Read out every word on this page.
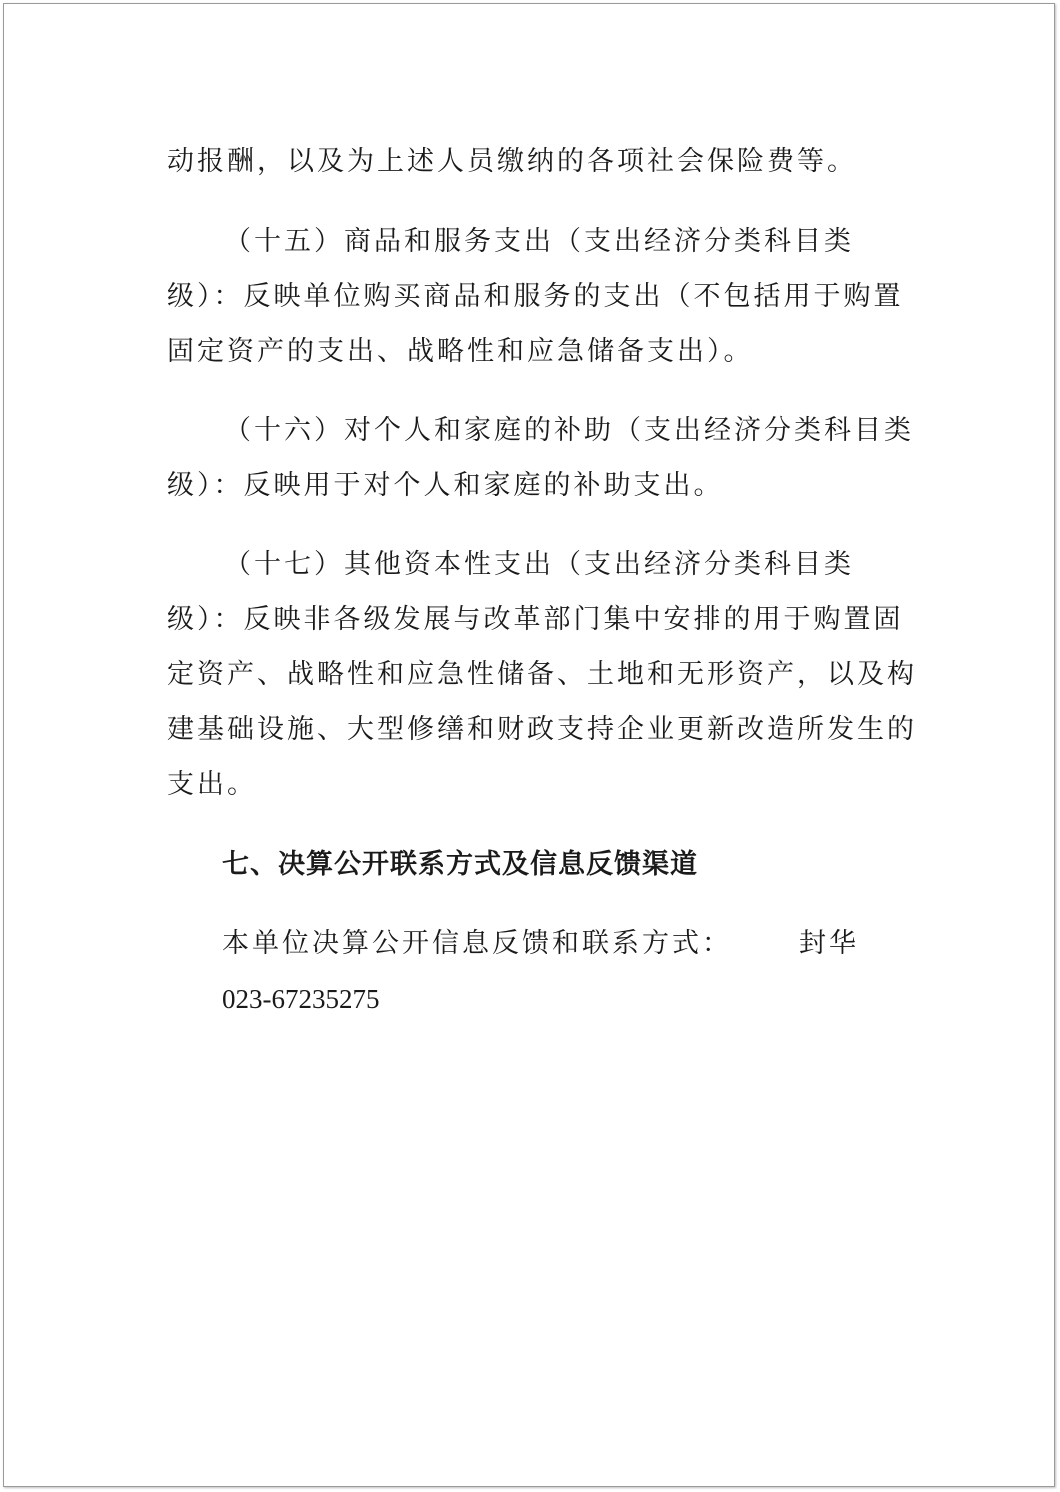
动报酬，以及为上述人员缴纳的各项社会保险费等。
（十五）商品和服务支出（支出经济分类科目类
级）：反映单位购买商品和服务的支出（不包括用于购置
固定资产的支出、战略性和应急储备支出）。
（十六）对个人和家庭的补助（支出经济分类科目类
级）：反映用于对个人和家庭的补助支出。
（十七）其他资本性支出（支出经济分类科目类
级）：反映非各级发展与改革部门集中安排的用于购置固
定资产、战略性和应急性储备、土地和无形资产，以及构
建基础设施、大型修缮和财政支持企业更新改造所发生的
支出。
七、决算公开联系方式及信息反馈渠道
本单位决算公开信息反馈和联系方式： 封华
023-67235275
